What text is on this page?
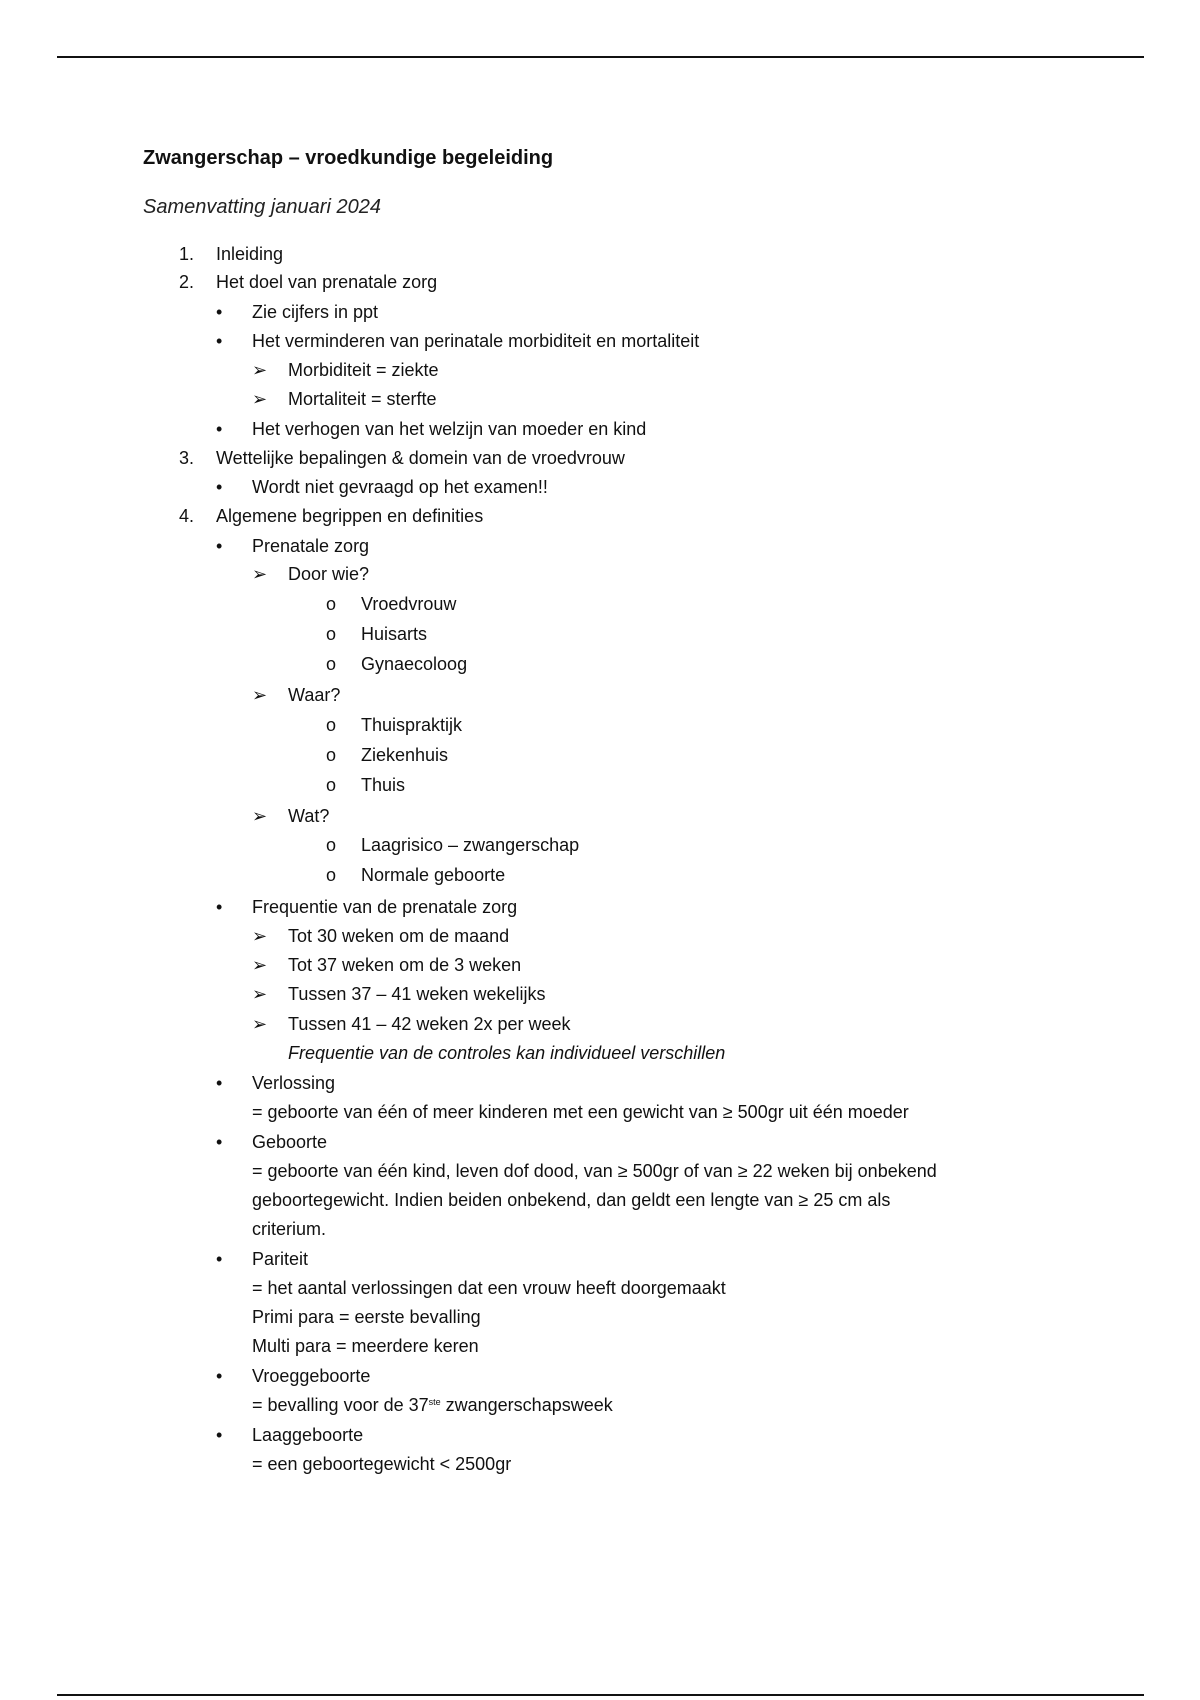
Zwangerschap – vroedkundige begeleiding
Samenvatting januari 2024
1. Inleiding
2. Het doel van prenatale zorg
• Zie cijfers in ppt
• Het verminderen van perinatale morbiditeit en mortaliteit
➢ Morbiditeit = ziekte
➢ Mortaliteit = sterfte
• Het verhogen van het welzijn van moeder en kind
3. Wettelijke bepalingen & domein van de vroedvrouw
• Wordt niet gevraagd op het examen!!
4. Algemene begrippen en definities
• Prenatale zorg
➢ Door wie?
o Vroedvrouw
o Huisarts
o Gynaecoloog
➢ Waar?
o Thuispraktijk
o Ziekenhuis
o Thuis
➢ Wat?
o Laagrisico – zwangerschap
o Normale geboorte
• Frequentie van de prenatale zorg
➢ Tot 30 weken om de maand
➢ Tot 37 weken om de 3 weken
➢ Tussen 37 – 41 weken wekelijks
➢ Tussen 41 – 42 weken 2x per week
Frequentie van de controles kan individueel verschillen
• Verlossing
= geboorte van één of meer kinderen met een gewicht van ≥ 500gr uit één moeder
• Geboorte
= geboorte van één kind, leven dof dood, van ≥ 500gr of van ≥ 22 weken bij onbekend
geboortegewicht. Indien beiden onbekend, dan geldt een lengte van ≥ 25 cm als
criterium.
• Pariteit
= het aantal verlossingen dat een vrouw heeft doorgemaakt
Primi para = eerste bevalling
Multi para = meerdere keren
• Vroeggeboorte
= bevalling voor de 37ste zwangerschapsweek
• Laaggeboorte
= een geboortegewicht < 2500gr
